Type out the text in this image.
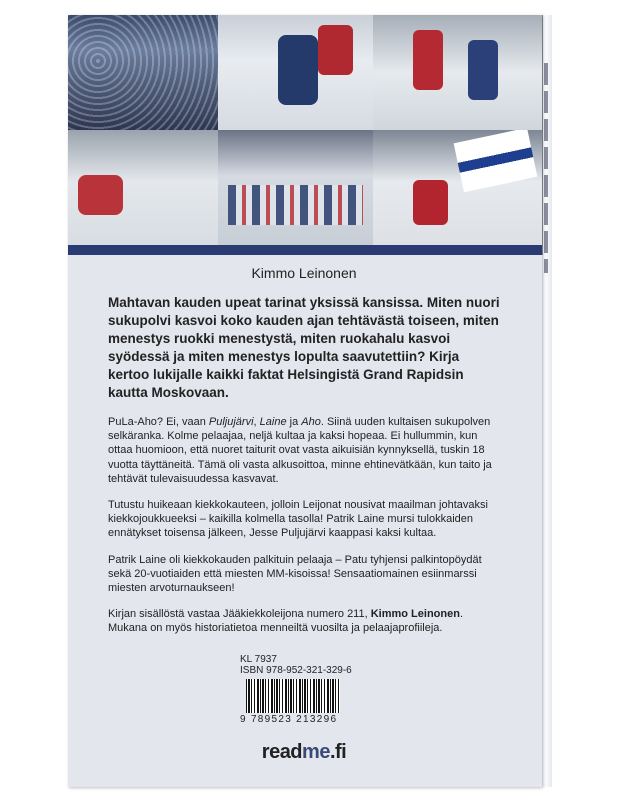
Kimmo Leinonen
Mahtavan kauden upeat tarinat yksissä kansissa. Miten nuori sukupolvi kasvoi koko kauden ajan tehtävästä toiseen, miten menestys ruokki menestystä, miten ruokahalu kasvoi syödessä ja miten menestys lopulta saavutettiin? Kirja kertoo lukijalle kaikki faktat Helsingistä Grand Rapidsin kautta Moskovaan.
PuLa-Aho? Ei, vaan Puljujärvi, Laine ja Aho. Siinä uuden kultaisen sukupolven selkäranka. Kolme pelaajaa, neljä kultaa ja kaksi hopeaa. Ei hullummin, kun ottaa huomioon, että nuoret taiturit ovat vasta aikuisiän kynnyksellä, tuskin 18 vuotta täyttäneitä. Tämä oli vasta alkusoittoa, minne ehtinevätkään, kun taito ja tehtävät tulevaisuudessa kasvavat.
Tutustu huikeaan kiekkokauteen, jolloin Leijonat nousivat maailman johtavaksi kiekkojoukkueeksi – kaikilla kolmella tasolla! Patrik Laine mursi tulokkaiden ennätykset toisensa jälkeen, Jesse Puljujärvi kaappasi kaksi kultaa.
Patrik Laine oli kiekkokauden palkituin pelaaja – Patu tyhjensi palkintopöydät sekä 20-vuotiaiden että miesten MM-kisoissa! Sensaatiomainen esiinmarssi miesten arvoturnaukseen!
Kirjan sisällöstä vastaa Jääkiekkoleijona numero 211, Kimmo Leinonen. Mukana on myös historiatietoa menneiltä vuosilta ja pelaajaprofiileja.
KL 7937
ISBN 978-952-321-329-6
9 789523 213296
readme.fi
